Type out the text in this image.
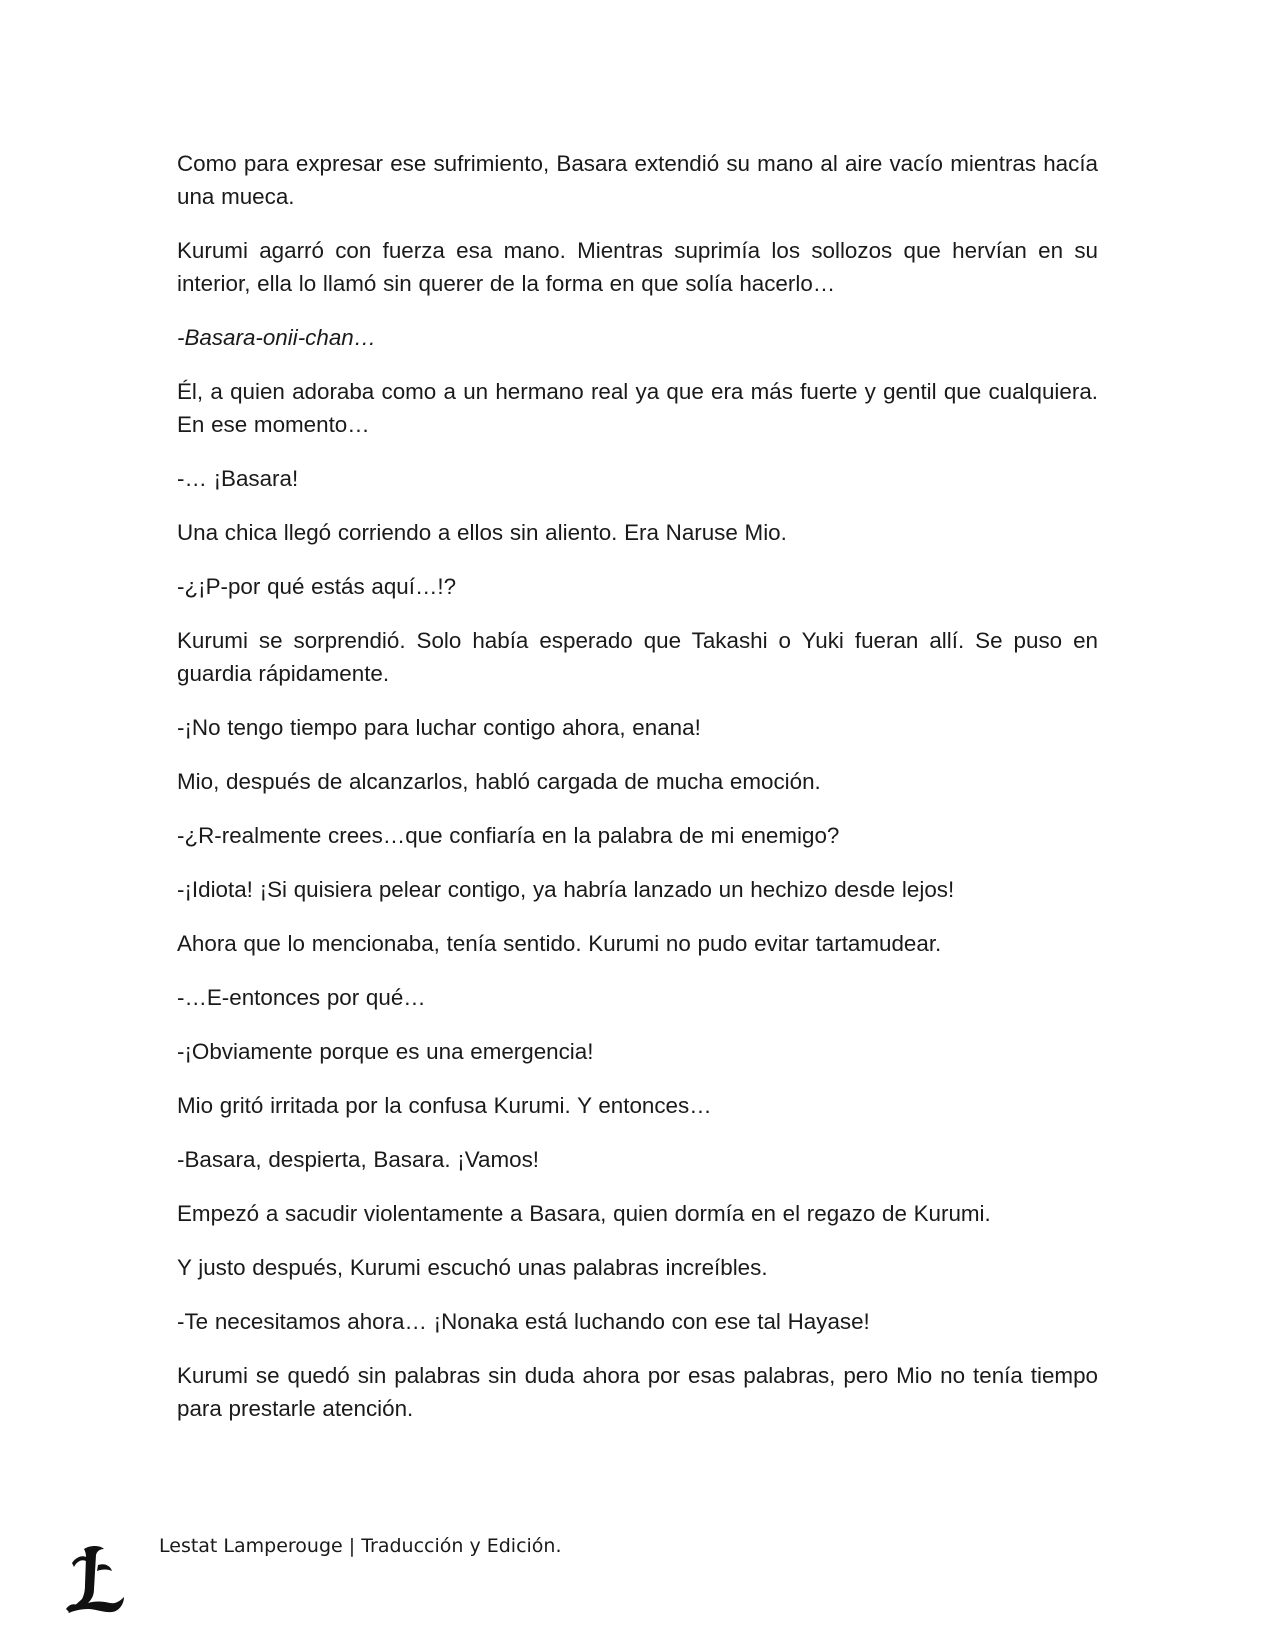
Como para expresar ese sufrimiento, Basara extendió su mano al aire vacío mientras hacía una mueca.

Kurumi agarró con fuerza esa mano. Mientras suprimía los sollozos que hervían en su interior, ella lo llamó sin querer de la forma en que solía hacerlo…

-Basara-onii-chan…

Él, a quien adoraba como a un hermano real ya que era más fuerte y gentil que cualquiera. En ese momento…

-… ¡Basara!

Una chica llegó corriendo a ellos sin aliento. Era Naruse Mio.

-¿¡P-por qué estás aquí…!?

Kurumi se sorprendió. Solo había esperado que Takashi o Yuki fueran allí. Se puso en guardia rápidamente.

-¡No tengo tiempo para luchar contigo ahora, enana!

Mio, después de alcanzarlos, habló cargada de mucha emoción.

-¿R-realmente crees…que confiaría en la palabra de mi enemigo?

-¡Idiota! ¡Si quisiera pelear contigo, ya habría lanzado un hechizo desde lejos!

Ahora que lo mencionaba, tenía sentido. Kurumi no pudo evitar tartamudear.

-…E-entonces por qué…

-¡Obviamente porque es una emergencia!

Mio gritó irritada por la confusa Kurumi. Y entonces…

-Basara, despierta, Basara. ¡Vamos!

Empezó a sacudir violentamente a Basara, quien dormía en el regazo de Kurumi.

Y justo después, Kurumi escuchó unas palabras increíbles.

-Te necesitamos ahora… ¡Nonaka está luchando con ese tal Hayase!

Kurumi se quedó sin palabras sin duda ahora por esas palabras, pero Mio no tenía tiempo para prestarle atención.

Lestat Lamperouge | Traducción y Edición.
